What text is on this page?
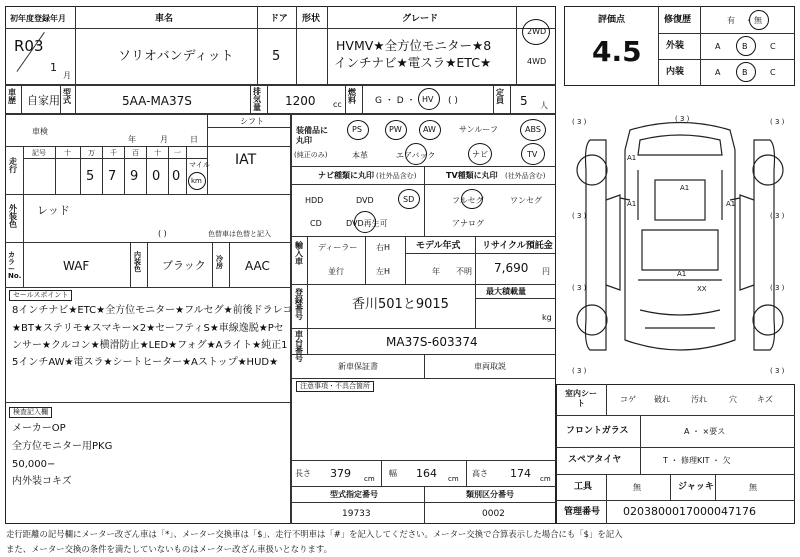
初年度登録年月
R03
1
月
車名
ソリオバンディット
ドア
5
形状	グレード
HVMV★全方位モニター★8
インチナビ★電スラ★ETC★
2WD
4WD
車歴 自家用
型式	5AA-MA37S
排気量 1200 cc
燃料 G ・ D ・ HV ( )
定員 5 人
車検
年	月	日
シフト
IAT
走行
記号	十 万 千 百 十 一
5 7 9 0 0
マイル
km
装備品に丸印
(純正のみ)
PS	PW	AW	サンルーフ	ABS
本革	エアバック	ナビ	TV
ナビ種類に丸印 (社外品含む)
HDD	DVD	SD
CD	DVD再生可
TV種類に丸印 (社外品含む)
フルセグ	ワンセグ
アナログ
外装色
レッド
( )	色替車は色替と記入
カラーNo.
WAF
内装色 ブラック 冷房 AAC
輸入車
ディーラー
並行
右H
左H
モデル年式
年 不明
リサイクル預託金
7,690 円
セールスポイント
8インチナビ★ETC★全方位モニター★フルセグ★前後ドラレコ
★BT★ステリモ★スマキー×2★セーフティS★車線逸脱★Pセ
ンサー★クルコン★横滑防止★LED★フォグ★Aライト★純正1
5インチAW★電スラ★シートヒーター★Aストップ★HUD★
登録番号
香川501と9015
最大積載量
kg
車台番号
MA37S-603374
新車保証書	車両取説
注意事項・不具合箇所
検査記入欄
メーカーOP
全方位モニター用PKG
50,000−
内外装コキズ
長さ 379 cm
幅 164 cm
高さ 174 cm
型式指定番号
19733
類別区分番号
0002
評価点
4.5
修復歴	有 ・ 無
外装	A	B	C
内装	A	B	C
( 3 )	( 3 )
( 3 )	( 3 )
( 3 )	( 3 )
( 3 )	( 3 )
( 3 )
A1
A1
A1
A1
A1
XX
室内シート	コゲ 破れ	汚れ	穴	キズ
フロントガラス	A ・ ×要ス
スペアタイヤ	T ・ 修理KIT ・ 欠
工具	無	ジャッキ	無
管理番号 0203800017000047176
走行距離の記号欄にメーター改ざん車は「*」、メーター交換車は「$」、走行不明車は「#」を記入してください。メーター交換で合算表示した場合にも「$」を記入
また、メーター交換の条件を満たしていないものはメーター改ざん車扱いとなります。
